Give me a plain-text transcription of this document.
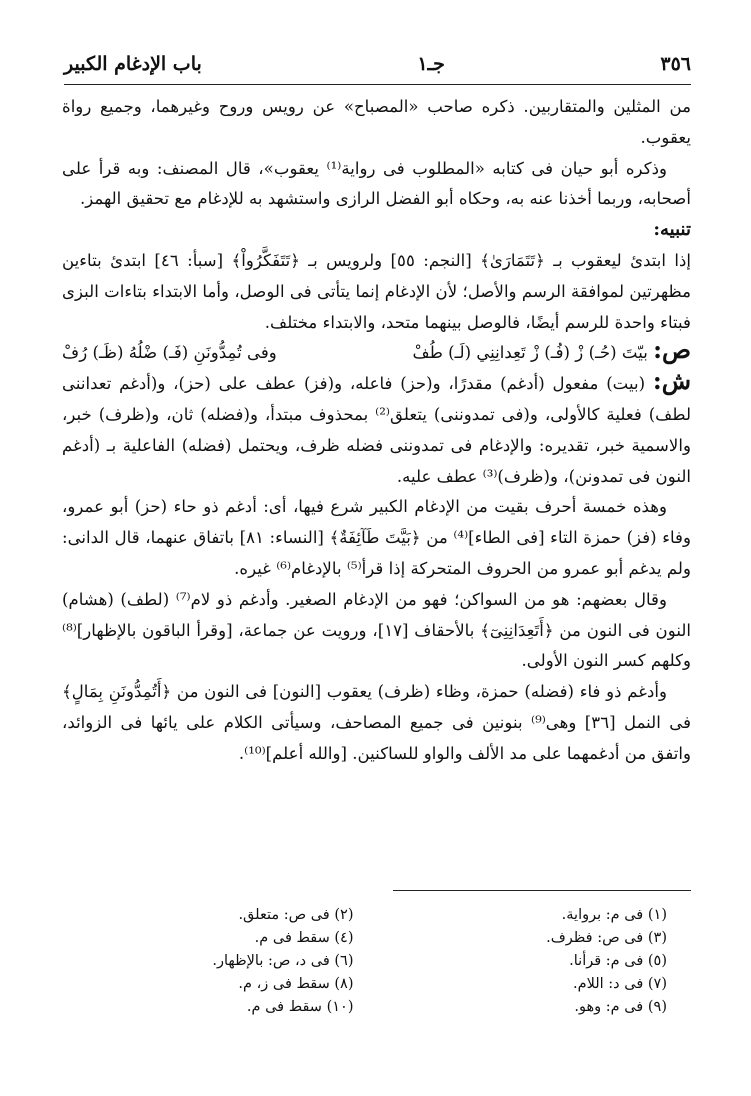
٣٥٦
جـ١
باب الإدغام الكبير

من المثلين والمتقاربين. ذكره صاحب «المصباح» عن رويس وروح وغيرهما، وجميع رواة يعقوب.

وذكره أبو حيان فى كتابه «المطلوب فى رواية⁽¹⁾ يعقوب»، قال المصنف: وبه قرأ على أصحابه، وربما أخذنا عنه به، وحكاه أبو الفضل الرازى واستشهد به للإدغام مع تحقيق الهمز.

تنبيه:

إذا ابتدئ ليعقوب بـ ﴿تَتَمَارَىٰ﴾ [النجم: ٥٥] ولرويس بـ ﴿تَتَفَكَّرُواْ﴾ [سبأ: ٤٦] ابتدئ بتاءين مظهرتين لموافقة الرسم والأصل؛ لأن الإدغام إنما يتأتى فى الوصل، وأما الابتداء بتاءات البزى فبتاء واحدة للرسم أيضًا، فالوصل بينهما متحد، والابتداء مختلف.

ص: بيّتَ (حُـ) زْ (فُـ) زْ تَعِدانِنِي (لَـ) طُفْ
وفى تُمِدُّونَنِ (فَـ) ضْلُهُ (ظَـ) رُفْ

ش: (بيت) مفعول (أدغم) مقدرًا، و(حز) فاعله، و(فز) عطف على (حز)، و(أدغم تعداننى لطف) فعلية كالأولى، و(فى تمدوننى) يتعلق⁽²⁾ بمحذوف مبتدأ، و(فضله) ثان، و(ظرف) خبر، والاسمية خبر، تقديره: والإدغام فى تمدوننى فضله ظرف، ويحتمل (فضله) الفاعلية بـ (أدغم النون فى تمدونن)، و(ظرف)⁽³⁾ عطف عليه.

وهذه خمسة أحرف بقيت من الإدغام الكبير شرع فيها، أى: أدغم ذو حاء (حز) أبو عمرو، وفاء (فز) حمزة التاء [فى الطاء]⁽⁴⁾ من ﴿بَيَّتَ طَآئِفَةٌ﴾ [النساء: ٨١] باتفاق عنهما، قال الدانى: ولم يدغم أبو عمرو من الحروف المتحركة إذا قرأ⁽⁵⁾ بالإدغام⁽⁶⁾ غيره.

وقال بعضهم: هو من السواكن؛ فهو من الإدغام الصغير. وأدغم ذو لام⁽⁷⁾ (لطف) (هشام) النون فى النون من ﴿أَتَعِدَانِنِىٓ﴾ بالأحقاف [١٧]، ورويت عن جماعة، [وقرأ الباقون بالإظهار]⁽⁸⁾ وكلهم كسر النون الأولى.

وأدغم ذو فاء (فضله) حمزة، وظاء (ظرف) يعقوب [النون] فى النون من ﴿أَتُمِدُّونَنِ بِمَالٍ﴾ فى النمل [٣٦] وهى⁽⁹⁾ بنونين فى جميع المصاحف، وسيأتى الكلام على يائها فى الزوائد، واتفق من أدغمهما على مد الألف والواو للساكنين. [والله أعلم]⁽¹⁰⁾.

(١) فى م: برواية.
(٢) فى ص: متعلق.
(٣) فى ص: فظرف.
(٤) سقط فى م.
(٥) فى م: قرأنا.
(٦) فى د، ص: بالإظهار.
(٧) فى د: اللام.
(٨) سقط فى ز، م.
(٩) فى م: وهو.
(١٠) سقط فى م.
